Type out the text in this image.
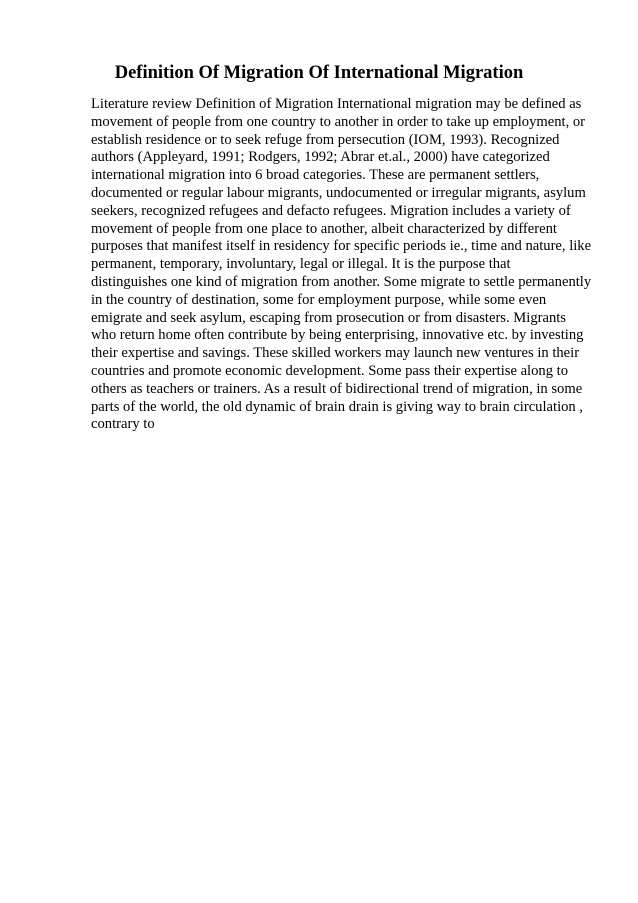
Definition Of Migration Of International Migration
Literature review Definition of Migration International migration may be defined as
movement of people from one country to another in order to take up employment, or
establish residence or to seek refuge from persecution (IOM, 1993). Recognized
authors (Appleyard, 1991; Rodgers, 1992; Abrar et.al., 2000) have categorized
international migration into 6 broad categories. These are permanent settlers,
documented or regular labour migrants, undocumented or irregular migrants, asylum
seekers, recognized refugees and defacto refugees. Migration includes a variety of
movement of people from one place to another, albeit characterized by different
purposes that manifest itself in residency for specific periods ie., time and nature, like
permanent, temporary, involuntary, legal or illegal. It is the purpose that
distinguishes one kind of migration from another. Some migrate to settle permanently
in the country of destination, some for employment purpose, while some even
emigrate and seek asylum, escaping from prosecution or from disasters. Migrants
who return home often contribute by being enterprising, innovative etc. by investing
their expertise and savings. These skilled workers may launch new ventures in their
countries and promote economic development. Some pass their expertise along to
others as teachers or trainers. As a result of bidirectional trend of migration, in some
parts of the world, the old dynamic of brain drain is giving way to brain circulation ,
contrary to
